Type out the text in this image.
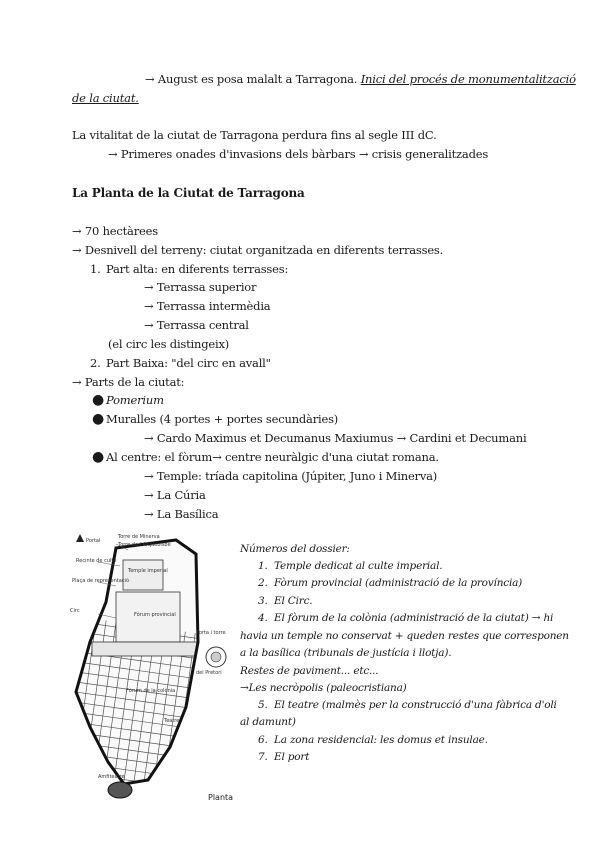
→ August es posa malalt a Tarragona. Inici del procés de monumentalització
de la ciutat.
La vitalitat de la ciutat de Tarragona perdura fins al segle III dC.
→ Primeres onades d'invasions dels bàrbars → crisis generalitzades
La Planta de la Ciutat de Tarragona
→ 70 hectàrees
→ Desnivell del terreny: ciutat organitzada en diferents terrasses.
1. Part alta: en diferents terrasses:
→ Terrassa superior
→ Terrassa intermèdia
→ Terrassa central
(el circ les distingeix)
2. Part Baixa: "del circ en avall"
→ Parts de la ciutat:
● Pomerium
● Muralles (4 portes + portes secundàries)
→ Cardo Maximus et Decumanus Maxiumus → Cardini et Decumani
● Al centre: el fòrum→ centre neuràlgic d'una ciutat romana.
→ Temple: tríada capitolina (Júpiter, Juno i Minerva)
→ La Cúria
→ La Basílica
Portal
Torre de Minerva
Torre de l'Arquebisbe
Recinte de culte
Temple imperial
Plaça de representació
Fòrum provincial
Circ
Porta i torre
del Pretori
Fòrum de la colònia
Teatre
Amfiteatre
Planta
Números del dossier:
1. Temple dedicat al culte imperial.
2. Fòrum provincial (administració de la província)
3. El Circ.
4. El fòrum de la colònia (administració de la ciutat) → hi
havia un temple no conservat + queden restes que corresponen
a la basílica (tribunals de justícia i llotja).
Restes de paviment... etc...
→Les necròpolis (paleocristiana)
5. El teatre (malmès per la construcció d'una fàbrica d'oli
al damunt)
6. La zona residencial: les domus et insulae.
7. El port
